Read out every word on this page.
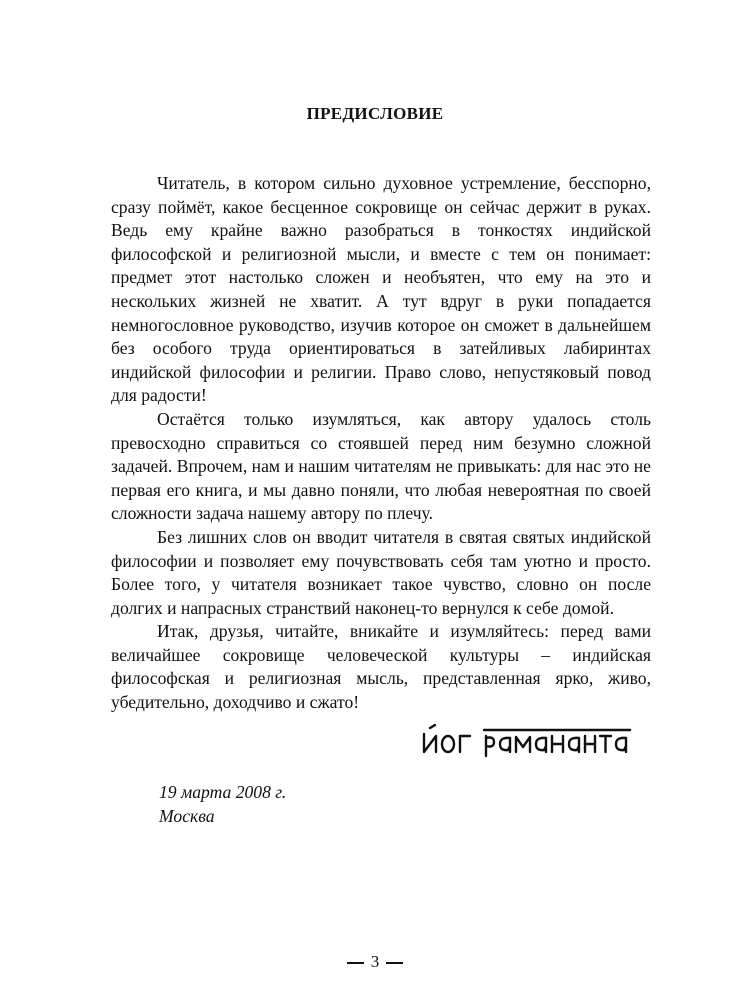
ПРЕДИСЛОВИЕ

Читатель, в котором сильно духовное устремление, бесспорно, сразу поймёт, какое бесценное сокровище он сейчас держит в руках. Ведь ему крайне важно разобраться в тонкостях индийской философской и религиозной мысли, и вместе с тем он понимает: предмет этот настолько сложен и необъятен, что ему на это и нескольких жизней не хватит. А тут вдруг в руки попадается немногословное руководство, изучив которое он сможет в дальнейшем без особого труда ориентироваться в затейливых лабиринтах индийской философии и религии. Право слово, непустяковый повод для радости!

Остаётся только изумляться, как автору удалось столь превосходно справиться со стоявшей перед ним безумно сложной задачей. Впрочем, нам и нашим читателям не привыкать: для нас это не первая его книга, и мы давно поняли, что любая невероятная по своей сложности задача нашему автору по плечу.

Без лишних слов он вводит читателя в святая святых индийской философии и позволяет ему почувствовать себя там уютно и просто. Более того, у читателя возникает такое чувство, словно он после долгих и напрасных странствий наконец-то вернулся к себе домой.

Итак, друзья, читайте, вникайте и изумляйтесь: перед вами величайшее сокровище человеческой культуры – индийская философская и религиозная мысль, представленная ярко, живо, убедительно, доходчиво и сжато!

19 марта 2008 г.
Москва
3
